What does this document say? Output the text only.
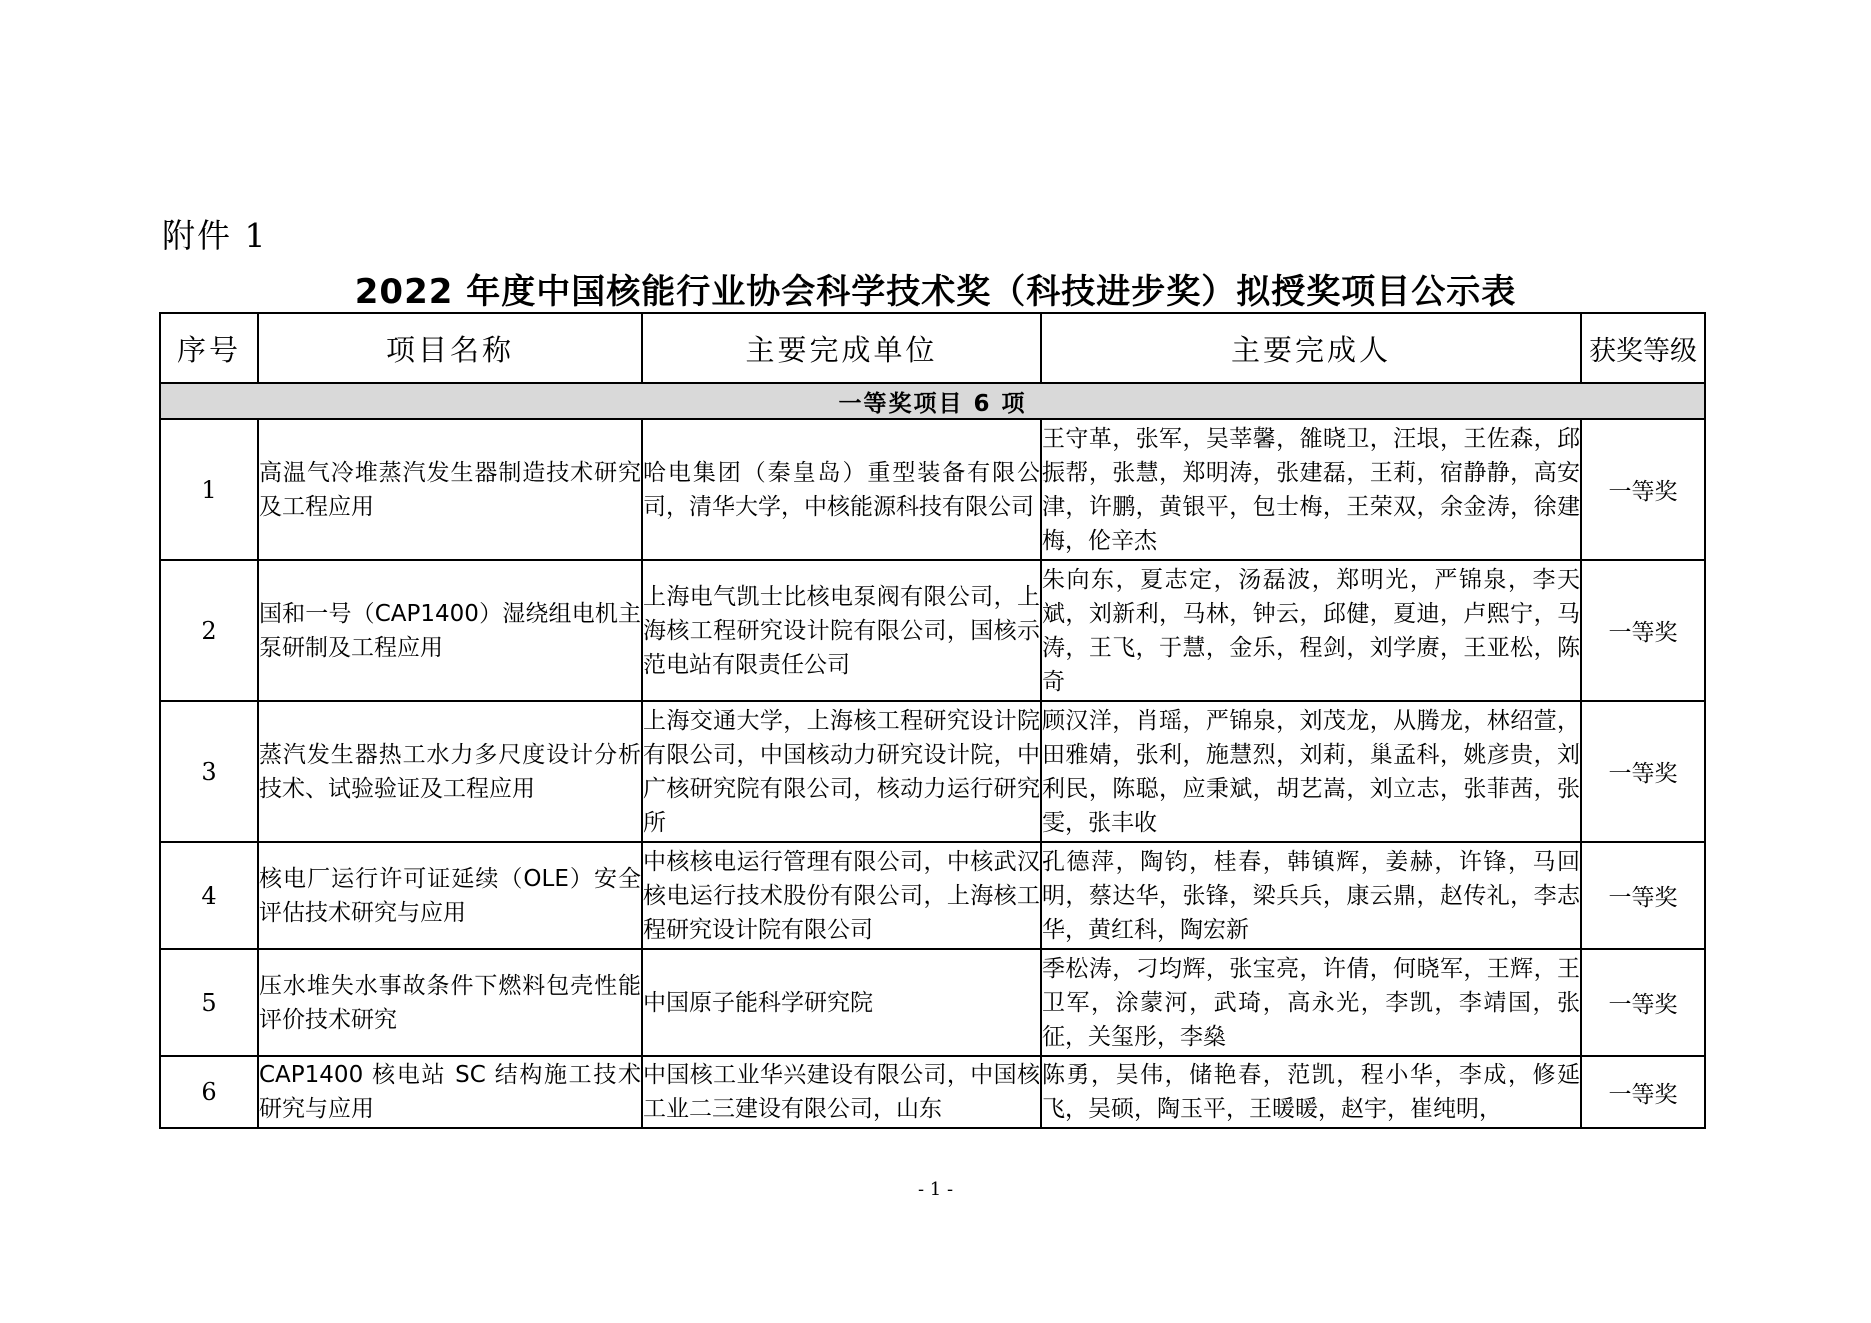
附件 1
2022 年度中国核能行业协会科学技术奖（科技进步奖）拟授奖项目公示表
序号	项目名称	主要完成单位	主要完成人	获奖等级
一等奖项目 6 项				
1	高温气冷堆蒸汽发生器制造技术研究及工程应用	哈电集团（秦皇岛）重型装备有限公司，清华大学，中核能源科技有限公司	王守革，张军，吴莘馨，雒晓卫，汪垠，王佐森，邱振帮，张慧，郑明涛，张建磊，王莉，宿静静，高安津，许鹏，黄银平，包士梅，王荣双，余金涛，徐建梅，伦辛杰	一等奖
2	国和一号（CAP1400）湿绕组电机主泵研制及工程应用	上海电气凯士比核电泵阀有限公司，上海核工程研究设计院有限公司，国核示范电站有限责任公司	朱向东，夏志定，汤磊波，郑明光，严锦泉，李天斌，刘新利，马林，钟云，邱健，夏迪，卢熙宁，马涛，王飞，于慧，金乐，程剑，刘学赓，王亚松，陈奇	一等奖
3	蒸汽发生器热工水力多尺度设计分析技术、试验验证及工程应用	上海交通大学，上海核工程研究设计院有限公司，中国核动力研究设计院，中广核研究院有限公司，核动力运行研究所	顾汉洋，肖瑶，严锦泉，刘茂龙，从腾龙，林绍萱，田雅婧，张利，施慧烈，刘莉，巢孟科，姚彦贵，刘利民，陈聪，应秉斌，胡艺嵩，刘立志，张菲茜，张雯，张丰收	一等奖
4	核电厂运行许可证延续（OLE）安全评估技术研究与应用	中核核电运行管理有限公司，中核武汉核电运行技术股份有限公司，上海核工程研究设计院有限公司	孔德萍，陶钧，桂春，韩镇辉，姜赫，许锋，马回明，蔡达华，张锋，梁兵兵，康云鼎，赵传礼，李志华，黄红科，陶宏新	一等奖
5	压水堆失水事故条件下燃料包壳性能评价技术研究	中国原子能科学研究院	季松涛，刁均辉，张宝亮，许倩，何晓军，王辉，王卫军，涂蒙河，武琦，高永光，李凯，李靖国，张征，关玺彤，李燊	一等奖
6	CAP1400 核电站 SC 结构施工技术研究与应用	中国核工业华兴建设有限公司，中国核工业二三建设有限公司，山东	陈勇，吴伟，储艳春，范凯，程小华，李成，修延飞，吴硕，陶玉平，王暖暖，赵宇，崔纯明，	一等奖
- 1 -
